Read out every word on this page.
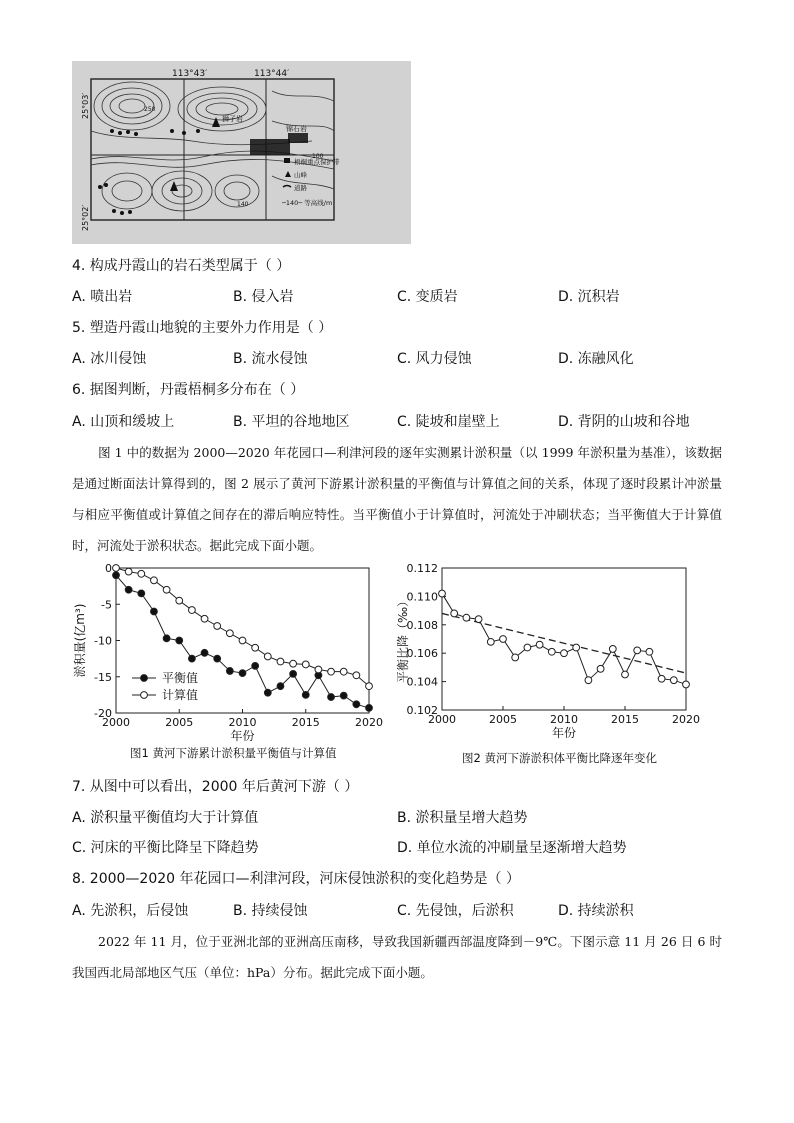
113°43′	113°44′
25°03′
25°02′
250
100
140
狮子岩
锦石岩
梧桐重点保护带
山峰
道路
─140─ 等高线/m
4. 构成丹霞山的岩石类型属于（ ）
A. 喷出岩	B. 侵入岩	C. 变质岩	D. 沉积岩
5. 塑造丹霞山地貌的主要外力作用是（ ）
A. 冰川侵蚀	B. 流水侵蚀	C. 风力侵蚀	D. 冻融风化
6. 据图判断，丹霞梧桐多分布在（ ）
A. 山顶和缓坡上	B. 平坦的谷地地区	C. 陡坡和崖壁上	D. 背阴的山坡和谷地
图 1 中的数据为 2000—2020 年花园口—利津河段的逐年实测累计淤积量（以 1999 年淤积量为基准），该数据是通过断面法计算得到的，图 2 展示了黄河下游累计淤积量的平衡值与计算值之间的关系，体现了逐时段累计冲淤量与相应平衡值或计算值之间存在的滞后响应特性。当平衡值小于计算值时，河流处于冲刷状态；当平衡值大于计算值时，河流处于淤积状态。据此完成下面小题。
年份
淤积量(亿m³)
2000	2005	2010	2015	2020
0
-5
-10
-15
-20
平衡值
计算值
图1 黄河下游累计淤积量平衡值与计算值
年份
平衡比降（‰）
2000	2005	2010	2015	2020
0.112
0.110
0.108
0.106
0.104
0.102
图2 黄河下游淤积体平衡比降逐年变化
7. 从图中可以看出，2000 年后黄河下游（ ）
A. 淤积量平衡值均大于计算值	B. 淤积量呈增大趋势
C. 河床的平衡比降呈下降趋势	D. 单位水流的冲刷量呈逐渐增大趋势
8. 2000—2020 年花园口—利津河段，河床侵蚀淤积的变化趋势是（ ）
A. 先淤积，后侵蚀	B. 持续侵蚀	C. 先侵蚀，后淤积	D. 持续淤积
2022 年 11 月，位于亚洲北部的亚洲高压南移，导致我国新疆西部温度降到－9℃。下图示意 11 月 26 日 6 时我国西北局部地区气压（单位：hPa）分布。据此完成下面小题。
